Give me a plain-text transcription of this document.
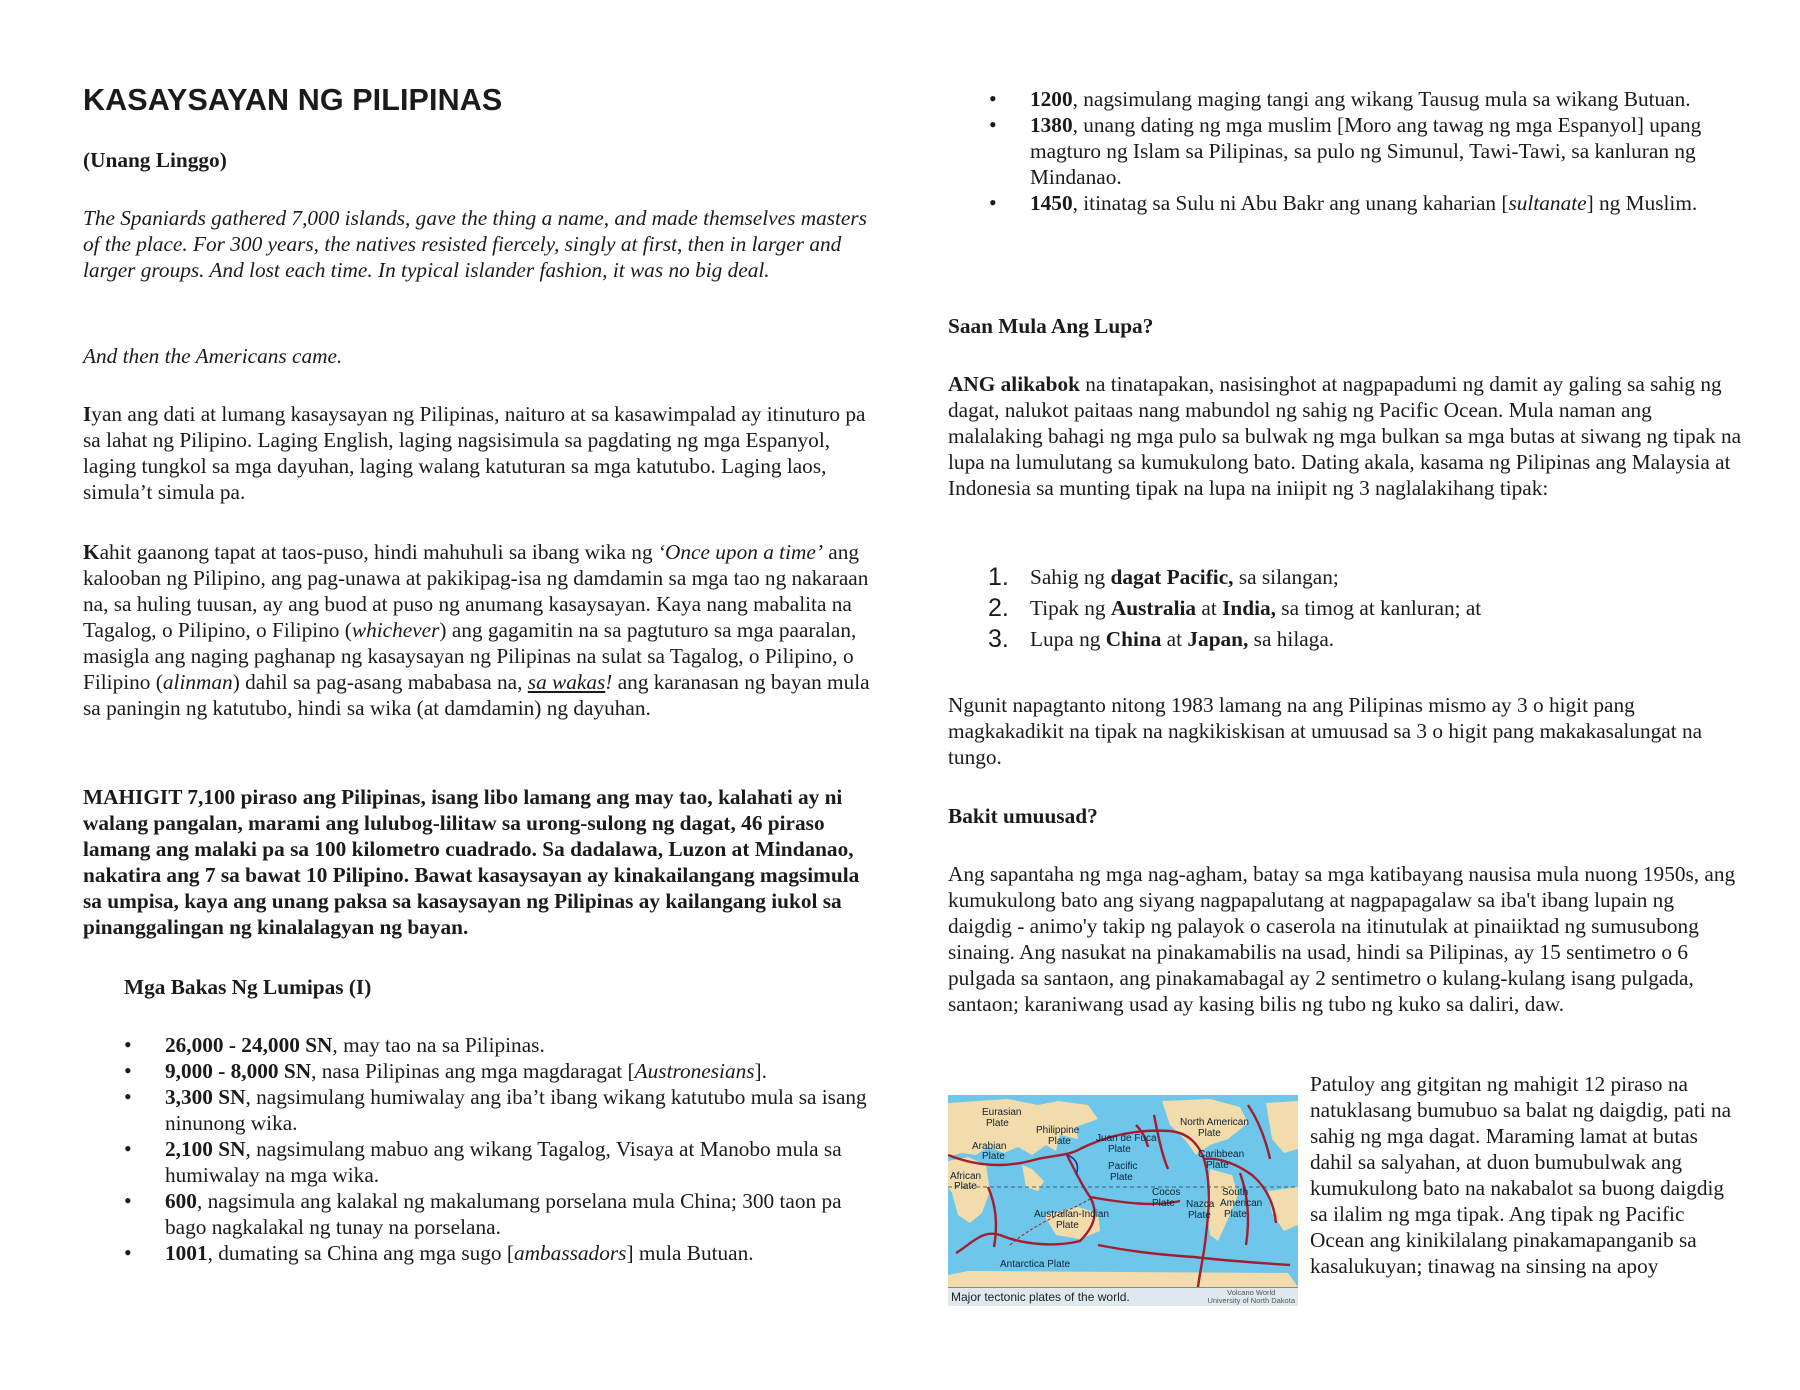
KASAYSAYAN NG PILIPINAS

(Unang Linggo)

The Spaniards gathered 7,000 islands, gave the thing a name, and made themselves masters of the place. For 300 years, the natives resisted fiercely, singly at first, then in larger and larger groups. And lost each time. In typical islander fashion, it was no big deal.

And then the Americans came.

Iyan ang dati at lumang kasaysayan ng Pilipinas, naituro at sa kasawimpalad ay itinuturo pa sa lahat ng Pilipino. Laging English, laging nagsisimula sa pagdating ng mga Espanyol, laging tungkol sa mga dayuhan, laging walang katuturan sa mga katutubo. Laging laos, simula’t simula pa.

Kahit gaanong tapat at taos-puso, hindi mahuhuli sa ibang wika ng ‘Once upon a time’ ang kalooban ng Pilipino, ang pag-unawa at pakikipag-isa ng damdamin sa mga tao ng nakaraan na, sa huling tuusan, ay ang buod at puso ng anumang kasaysayan. Kaya nang mabalita na Tagalog, o Pilipino, o Filipino (whichever) ang gagamitin na sa pagtuturo sa mga paaralan, masigla ang naging paghanap ng kasaysayan ng Pilipinas na sulat sa Tagalog, o Pilipino, o Filipino (alinman) dahil sa pag-asang mababasa na, sa wakas! ang karanasan ng bayan mula sa paningin ng katutubo, hindi sa wika (at damdamin) ng dayuhan.

MAHIGIT 7,100 piraso ang Pilipinas, isang libo lamang ang may tao, kalahati ay ni walang pangalan, marami ang lulubog-lilitaw sa urong-sulong ng dagat, 46 piraso lamang ang malaki pa sa 100 kilometro cuadrado. Sa dadalawa, Luzon at Mindanao, nakatira ang 7 sa bawat 10 Pilipino. Bawat kasaysayan ay kinakailangang magsimula sa umpisa, kaya ang unang paksa sa kasaysayan ng Pilipinas ay kailangang iukol sa pinanggalingan ng kinalalagyan ng bayan.

Mga Bakas Ng Lumipas (I)

• 26,000 - 24,000 SN, may tao na sa Pilipinas.
• 9,000 - 8,000 SN, nasa Pilipinas ang mga magdaragat [Austronesians].
• 3,300 SN, nagsimulang humiwalay ang iba’t ibang wikang katutubo mula sa isang ninunong wika.
• 2,100 SN, nagsimulang mabuo ang wikang Tagalog, Visaya at Manobo mula sa humiwalay na mga wika.
• 600, nagsimula ang kalakal ng makalumang porselana mula China; 300 taon pa bago nagkalakal ng tunay na porselana.
• 1001, dumating sa China ang mga sugo [ambassadors] mula Butuan.
• 1200, nagsimulang maging tangi ang wikang Tausug mula sa wikang Butuan.
• 1380, unang dating ng mga muslim [Moro ang tawag ng mga Espanyol] upang magturo ng Islam sa Pilipinas, sa pulo ng Simunul, Tawi-Tawi, sa kanluran ng Mindanao.
• 1450, itinatag sa Sulu ni Abu Bakr ang unang kaharian [sultanate] ng Muslim.

Saan Mula Ang Lupa?

ANG alikabok na tinatapakan, nasisinghot at nagpapadumi ng damit ay galing sa sahig ng dagat, nalukot paitaas nang mabundol ng sahig ng Pacific Ocean. Mula naman ang malalaking bahagi ng mga pulo sa bulwak ng mga bulkan sa mga butas at siwang ng tipak na lupa na lumulutang sa kumukulong bato. Dating akala, kasama ng Pilipinas ang Malaysia at Indonesia sa munting tipak na lupa na iniipit ng 3 naglalakihang tipak:

1. Sahig ng dagat Pacific, sa silangan;
2. Tipak ng Australia at India, sa timog at kanluran; at
3. Lupa ng China at Japan, sa hilaga.

Ngunit napagtanto nitong 1983 lamang na ang Pilipinas mismo ay 3 o higit pang magkakadikit na tipak na nagkikiskisan at umuusad sa 3 o higit pang makakasalungat na tungo.

Bakit umuusad?

Ang sapantaha ng mga nag-agham, batay sa mga katibayang nausisa mula nuong 1950s, ang kumukulong bato ang siyang nagpapalutang at nagpapagalaw sa iba't ibang lupain ng daigdig - animo'y takip ng palayok o caserola na itinutulak at pinaiiktad ng sumusubong sinaing. Ang nasukat na pinakamabilis na usad, hindi sa Pilipinas, ay 15 sentimetro o 6 pulgada sa santaon, ang pinakamabagal ay 2 sentimetro o kulang-kulang isang pulgada, santaon; karaniwang usad ay kasing bilis ng tubo ng kuko sa daliri, daw.

Eurasian
Plate
Philippine
Plate
Arabian
Plate
African
Plate
Juan de Fuca
Plate
Pacific
Plate
North American
Plate
Caribbean
Plate
Cocos
Plate Nazca
Plate
South
American
Plate
Australian-Indian
Plate
Antarctica Plate
Major tectonic plates of the world.	Volcano World
University of North Dakota

Patuloy ang gitgitan ng mahigit 12 piraso na natuklasang bumubuo sa balat ng daigdig, pati na sahig ng mga dagat. Maraming lamat at butas dahil sa salyahan, at duon bumubulwak ang kumukulong bato na nakabalot sa buong daigdig sa ilalim ng mga tipak. Ang tipak ng Pacific Ocean ang kinikilalang pinakamapanganib sa kasalukuyan; tinawag na sinsing na apoy
